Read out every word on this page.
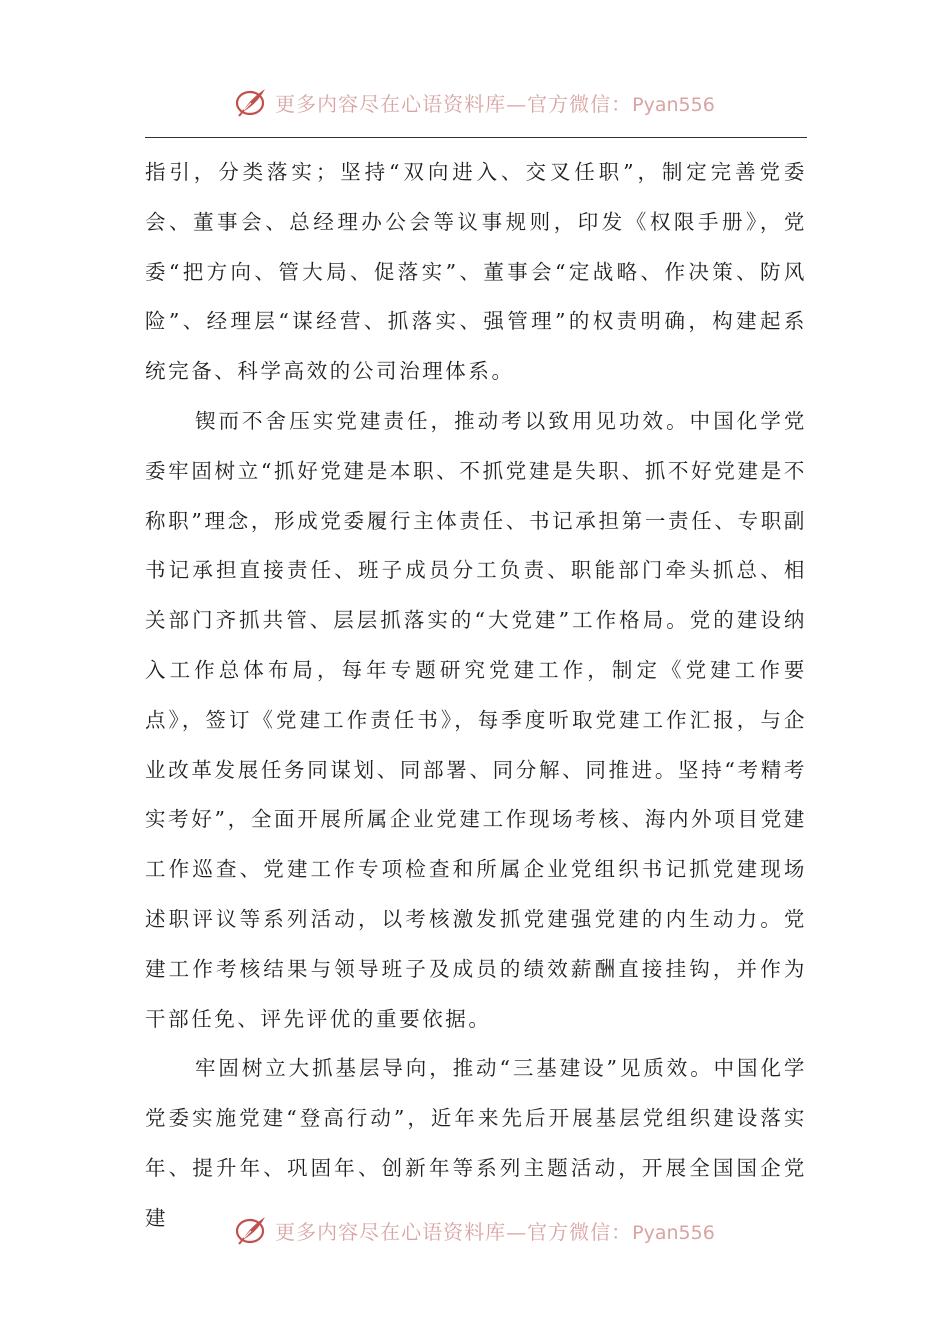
更多内容尽在心语资料库—官方微信：Pyan556

指引，分类落实；坚持“双向进入、交叉任职”，制定完善党委会、董事会、总经理办公会等议事规则，印发《权限手册》，党委“把方向、管大局、促落实”、董事会“定战略、作决策、防风险”、经理层“谋经营、抓落实、强管理”的权责明确，构建起系统完备、科学高效的公司治理体系。

锲而不舍压实党建责任，推动考以致用见功效。中国化学党委牢固树立“抓好党建是本职、不抓党建是失职、抓不好党建是不称职”理念，形成党委履行主体责任、书记承担第一责任、专职副书记承担直接责任、班子成员分工负责、职能部门牵头抓总、相关部门齐抓共管、层层抓落实的“大党建”工作格局。党的建设纳入工作总体布局，每年专题研究党建工作，制定《党建工作要点》，签订《党建工作责任书》，每季度听取党建工作汇报，与企业改革发展任务同谋划、同部署、同分解、同推进。坚持“考精考实考好”，全面开展所属企业党建工作现场考核、海内外项目党建工作巡查、党建工作专项检查和所属企业党组织书记抓党建现场述职评议等系列活动，以考核激发抓党建强党建的内生动力。党建工作考核结果与领导班子及成员的绩效薪酬直接挂钩，并作为干部任免、评先评优的重要依据。

牢固树立大抓基层导向，推动“三基建设”见质效。中国化学党委实施党建“登高行动”，近年来先后开展基层党组织建设落实年、提升年、巩固年、创新年等系列主题活动，开展全国国企党建

更多内容尽在心语资料库—官方微信：Pyan556
